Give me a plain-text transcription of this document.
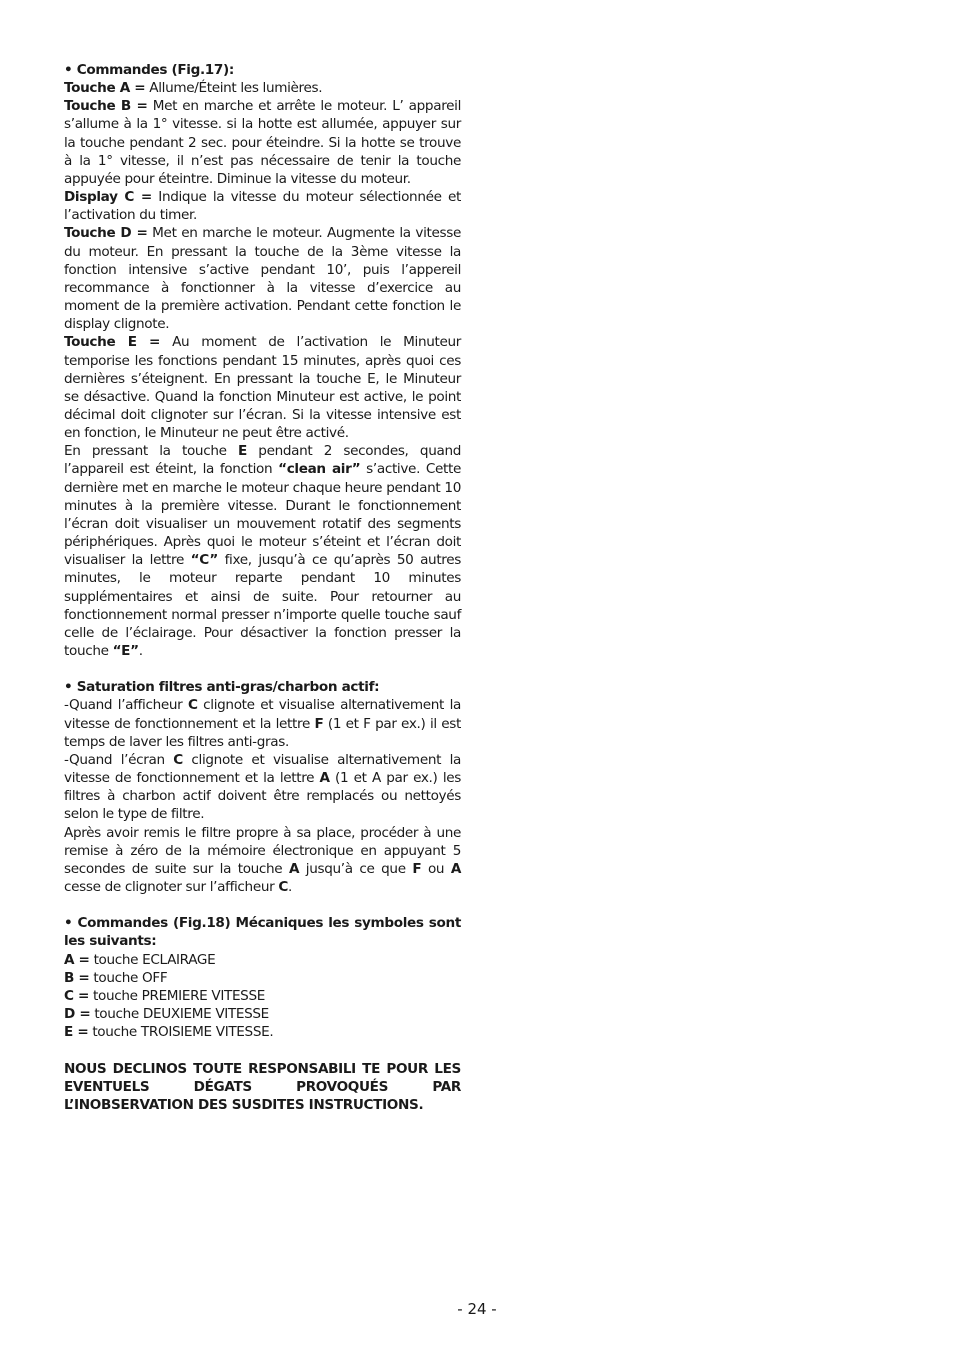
• Commandes (Fig.17):

Touche A = Allume/Éteint les lumières.

Touche B = Met en marche et arrête le moteur. L’ appareil s’allume à la 1° vitesse. si la hotte est allumée, appuyer sur la touche pendant 2 sec. pour éteindre. Si la hotte se trouve à la 1° vitesse, il n’est pas nécessaire de tenir la touche appuyée pour éteintre. Diminue la vitesse du moteur.

Display C = Indique la vitesse du moteur sélectionnée et l’activation du timer.

Touche D = Met en marche le moteur. Augmente la vitesse du moteur. En pressant la touche de la 3ème vitesse la fonction intensive s’active pendant 10’, puis l’appereil recommance à fonctionner à la vitesse d’exercice au moment de la première activation. Pendant cette fonction le display clignote.

Touche E = Au moment de l’activation le Minuteur temporise les fonctions pendant 15 minutes, après quoi ces dernières s’éteignent. En pressant la touche E, le Minuteur se désactive. Quand la fonction Minuteur est active, le point décimal doit clignoter sur l’écran. Si la vitesse intensive est en fonction, le Minuteur ne peut être activé.

En pressant la touche E pendant 2 secondes, quand l’appareil est éteint, la fonction “clean air” s’active. Cette dernière met en marche le moteur chaque heure pendant 10 minutes à la première vitesse. Durant le fonctionnement l’écran doit visualiser un mouvement rotatif des segments périphériques. Après quoi le moteur s’éteint et l’écran doit visualiser la lettre “C” fixe, jusqu’à ce qu’après 50 autres minutes, le moteur reparte pendant 10 minutes supplémentaires et ainsi de suite. Pour retourner au fonctionnement normal presser n’importe quelle touche sauf celle de l’éclairage. Pour désactiver la fonction presser la touche “E”.

• Saturation filtres anti-gras/charbon actif:

-Quand l’afficheur C clignote et visualise alternativement la vitesse de fonctionnement et la lettre F (1 et F par ex.) il est temps de laver les filtres anti-gras.

-Quand l’écran C clignote et visualise alternativement la vitesse de fonctionnement et la lettre A (1 et A par ex.) les filtres à charbon actif doivent être remplacés ou nettoyés selon le type de filtre.

Après avoir remis le filtre propre à sa place, procéder à une remise à zéro de la mémoire électronique en appuyant 5 secondes de suite sur la touche A jusqu’à ce que F ou A cesse de clignoter sur l’afficheur C.

• Commandes (Fig.18) Mécaniques les symboles sont les suivants:

A = touche ECLAIRAGE

B = touche OFF

C = touche PREMIERE VITESSE

D = touche DEUXIEME VITESSE

E = touche TROISIEME VITESSE.

NOUS DECLINOS TOUTE RESPONSABILI TE POUR LES EVENTUELS DÉGATS PROVOQUÉS PAR L’INOBSERVATION DES SUSDITES INSTRUCTIONS.

- 24 -
